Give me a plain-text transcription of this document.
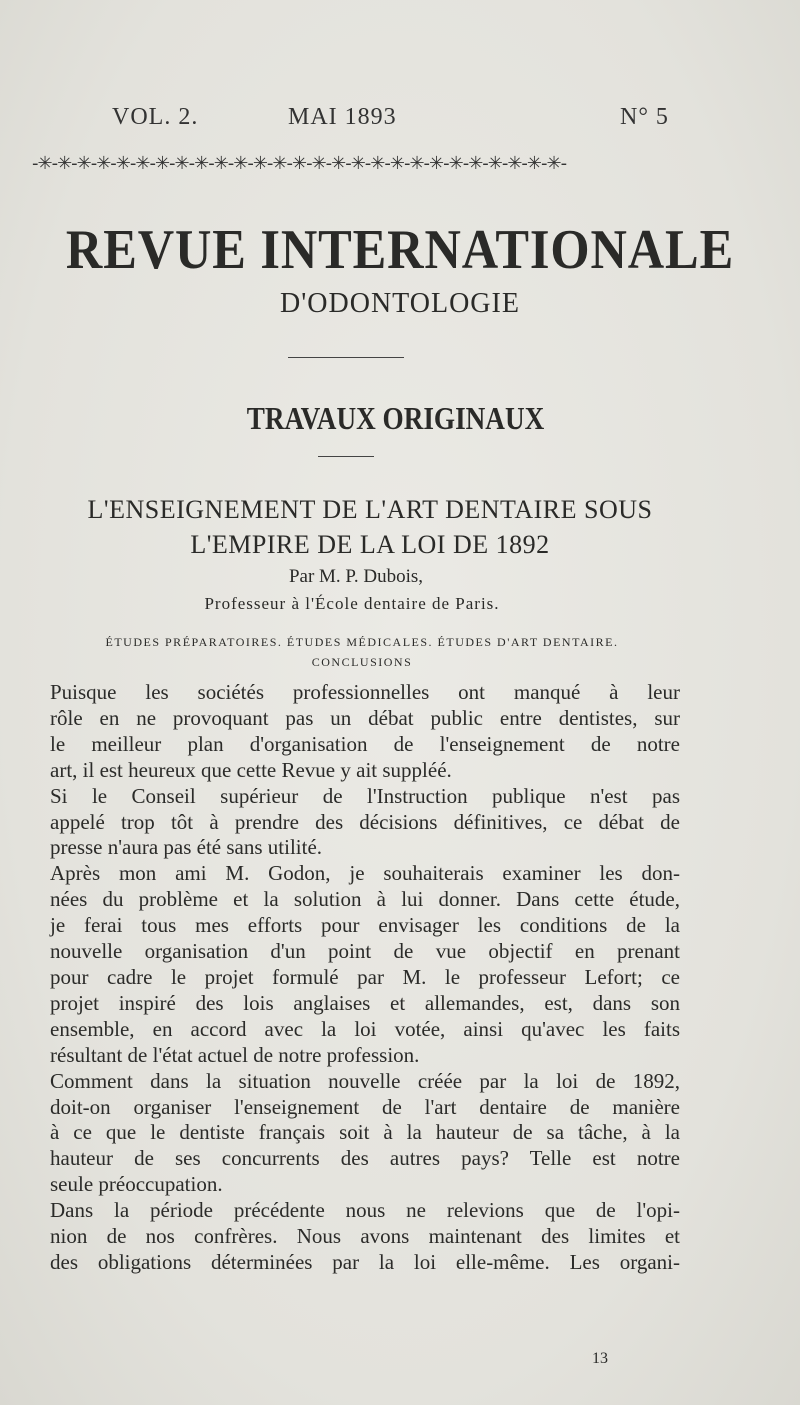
VOL. 2.	MAI 1893	N° 5
-✳-✳-✳-✳-✳-✳-✳-✳-✳-✳-✳-✳-✳-✳-✳-✳-✳-✳-✳-✳-✳-✳-✳-✳-✳-✳-✳-
REVUE INTERNATIONALE
D'ODONTOLOGIE
TRAVAUX ORIGINAUX
L'ENSEIGNEMENT DE L'ART DENTAIRE SOUS
L'EMPIRE DE LA LOI DE 1892
Par M. P. Dubois,
Professeur à l'École dentaire de Paris.
ÉTUDES PRÉPARATOIRES. ÉTUDES MÉDICALES. ÉTUDES D'ART DENTAIRE.
CONCLUSIONS

Puisque les sociétés professionnelles ont manqué à leur
rôle en ne provoquant pas un débat public entre dentistes, sur
le meilleur plan d'organisation de l'enseignement de notre
art, il est heureux que cette Revue y ait suppléé.

Si le Conseil supérieur de l'Instruction publique n'est pas
appelé trop tôt à prendre des décisions définitives, ce débat de
presse n'aura pas été sans utilité.

Après mon ami M. Godon, je souhaiterais examiner les don-
nées du problème et la solution à lui donner. Dans cette étude,
je ferai tous mes efforts pour envisager les conditions de la
nouvelle organisation d'un point de vue objectif en prenant
pour cadre le projet formulé par M. le professeur Lefort; ce
projet inspiré des lois anglaises et allemandes, est, dans son
ensemble, en accord avec la loi votée, ainsi qu'avec les faits
résultant de l'état actuel de notre profession.

Comment dans la situation nouvelle créée par la loi de 1892,
doit-on organiser l'enseignement de l'art dentaire de manière
à ce que le dentiste français soit à la hauteur de sa tâche, à la
hauteur de ses concurrents des autres pays? Telle est notre
seule préoccupation.

Dans la période précédente nous ne relevions que de l'opi-
nion de nos confrères. Nous avons maintenant des limites et
des obligations déterminées par la loi elle-même. Les organi-

13
